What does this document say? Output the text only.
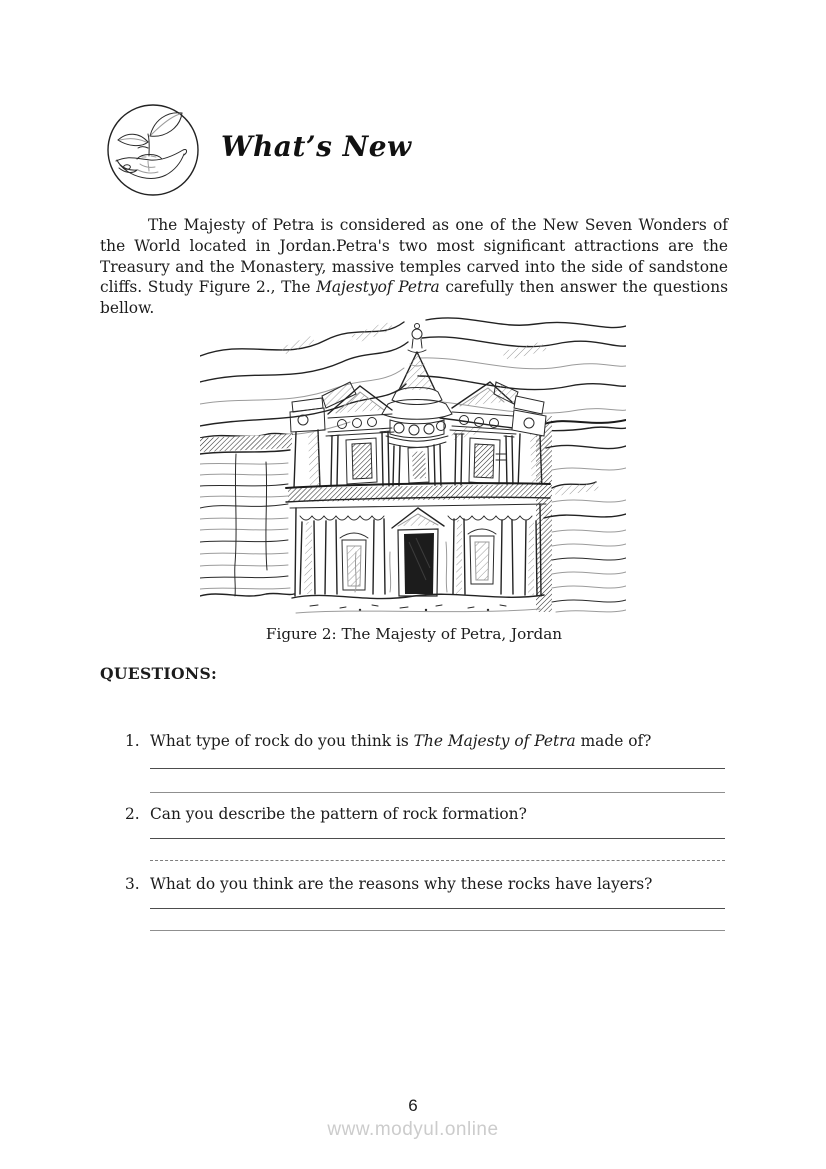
What’s New

The Majesty of Petra is considered as one of the New Seven Wonders of the World located in Jordan.Petra's two most significant attractions are the Treasury and the Monastery, massive temples carved into the side of sandstone cliffs. Study Figure 2., The Majestyof Petra carefully then answer the questions bellow.

Figure 2: The Majesty of Petra, Jordan
QUESTIONS:
1. What type of rock do you think is The Majesty of Petra made of?
2. Can you describe the pattern of rock formation?
3. What do you think are the reasons why these rocks have layers?
6
www.modyul.online
